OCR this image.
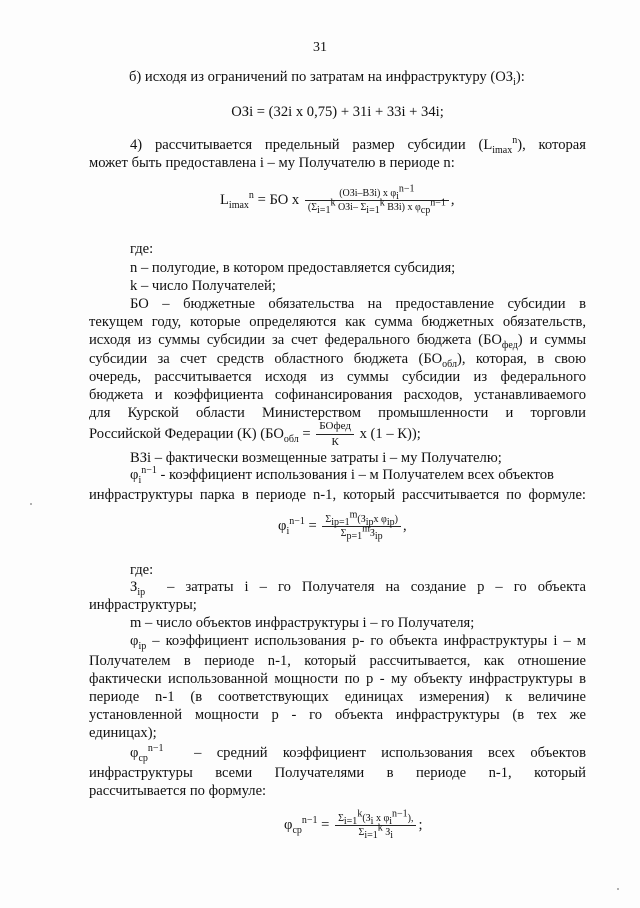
31
б) исходя из ограничений по затратам на инфраструктуру $(ОЗ_i)$:
ОЗi = (32i x 0,75) + 31i + 33i + 34i;
4) рассчитывается предельный размер субсидии $(L_{imax}^n)$, которая
может быть предоставлена i – му Получателю в периоде n:
$L_{imax}^n$ = БО x $\frac{(ОЗi-ВЗi) x \varphi_i^{n-1}}{(\Sigma_{i=1}^k ОЗi- \Sigma_{i=1}^k ВЗi) x \varphi_{ср}^{n-1}}$ ,
где:
n – полугодие, в котором предоставляется субсидия;
k – число Получателей;
БО – бюджетные обязательства на предоставление субсидии в
текущем году, которые определяются как сумма бюджетных обязательств,
исходя из суммы субсидии за счет федерального бюджета $(БО_{фед})$ и суммы
субсидии за счет средств областного бюджета $(БО_{обл})$, которая, в свою
очередь, рассчитывается исходя из суммы субсидии из федерального
бюджета и коэффициента софинансирования расходов, устанавливаемого
для Курской области Министерством промышленности и торговли
Российской Федерации (К) ($БО_{обл} = \frac{\text{БОфед}}{К}$ x (1 – К));
ВЗi – фактически возмещенные затраты i – му Получателю;
$\varphi_i^{n-1}$ - коэффициент использования i – м Получателем всех объектов
инфраструктуры парка в периоде n-1, который рассчитывается по формуле:
$\varphi_i^{n-1} = \frac{\Sigma_{ip=1}^m(З_{ip}x \varphi_{ip})}{\Sigma_{p=1}^mЗ_{ip}}$ ,
где:
$З_{ip}$ – затраты i – го Получателя на создание р – го объекта
инфраструктуры;
m – число объектов инфраструктуры i – го Получателя;
$\varphi_{ip}$ – коэффициент использования р- го объекта инфраструктуры i – м
Получателем в периоде n-1, который рассчитывается, как отношение
фактически использованной мощности по р - му объекту инфраструктуры в
периоде n-1 (в соответствующих единицах измерения) к величине
установленной мощности р - го объекта инфраструктуры (в тех же
единицах);
$\varphi_{ср}^{n-1}$ – средний коэффициент использования всех объектов
инфраструктуры всеми Получателями в периоде n-1, который
рассчитывается по формуле:
$\varphi_{ср}^{n-1} = \frac{\Sigma_{i=1}^k(З_i x \varphi_i^{n-1}),}{\Sigma_{i=1}^k З_i}$ ;
